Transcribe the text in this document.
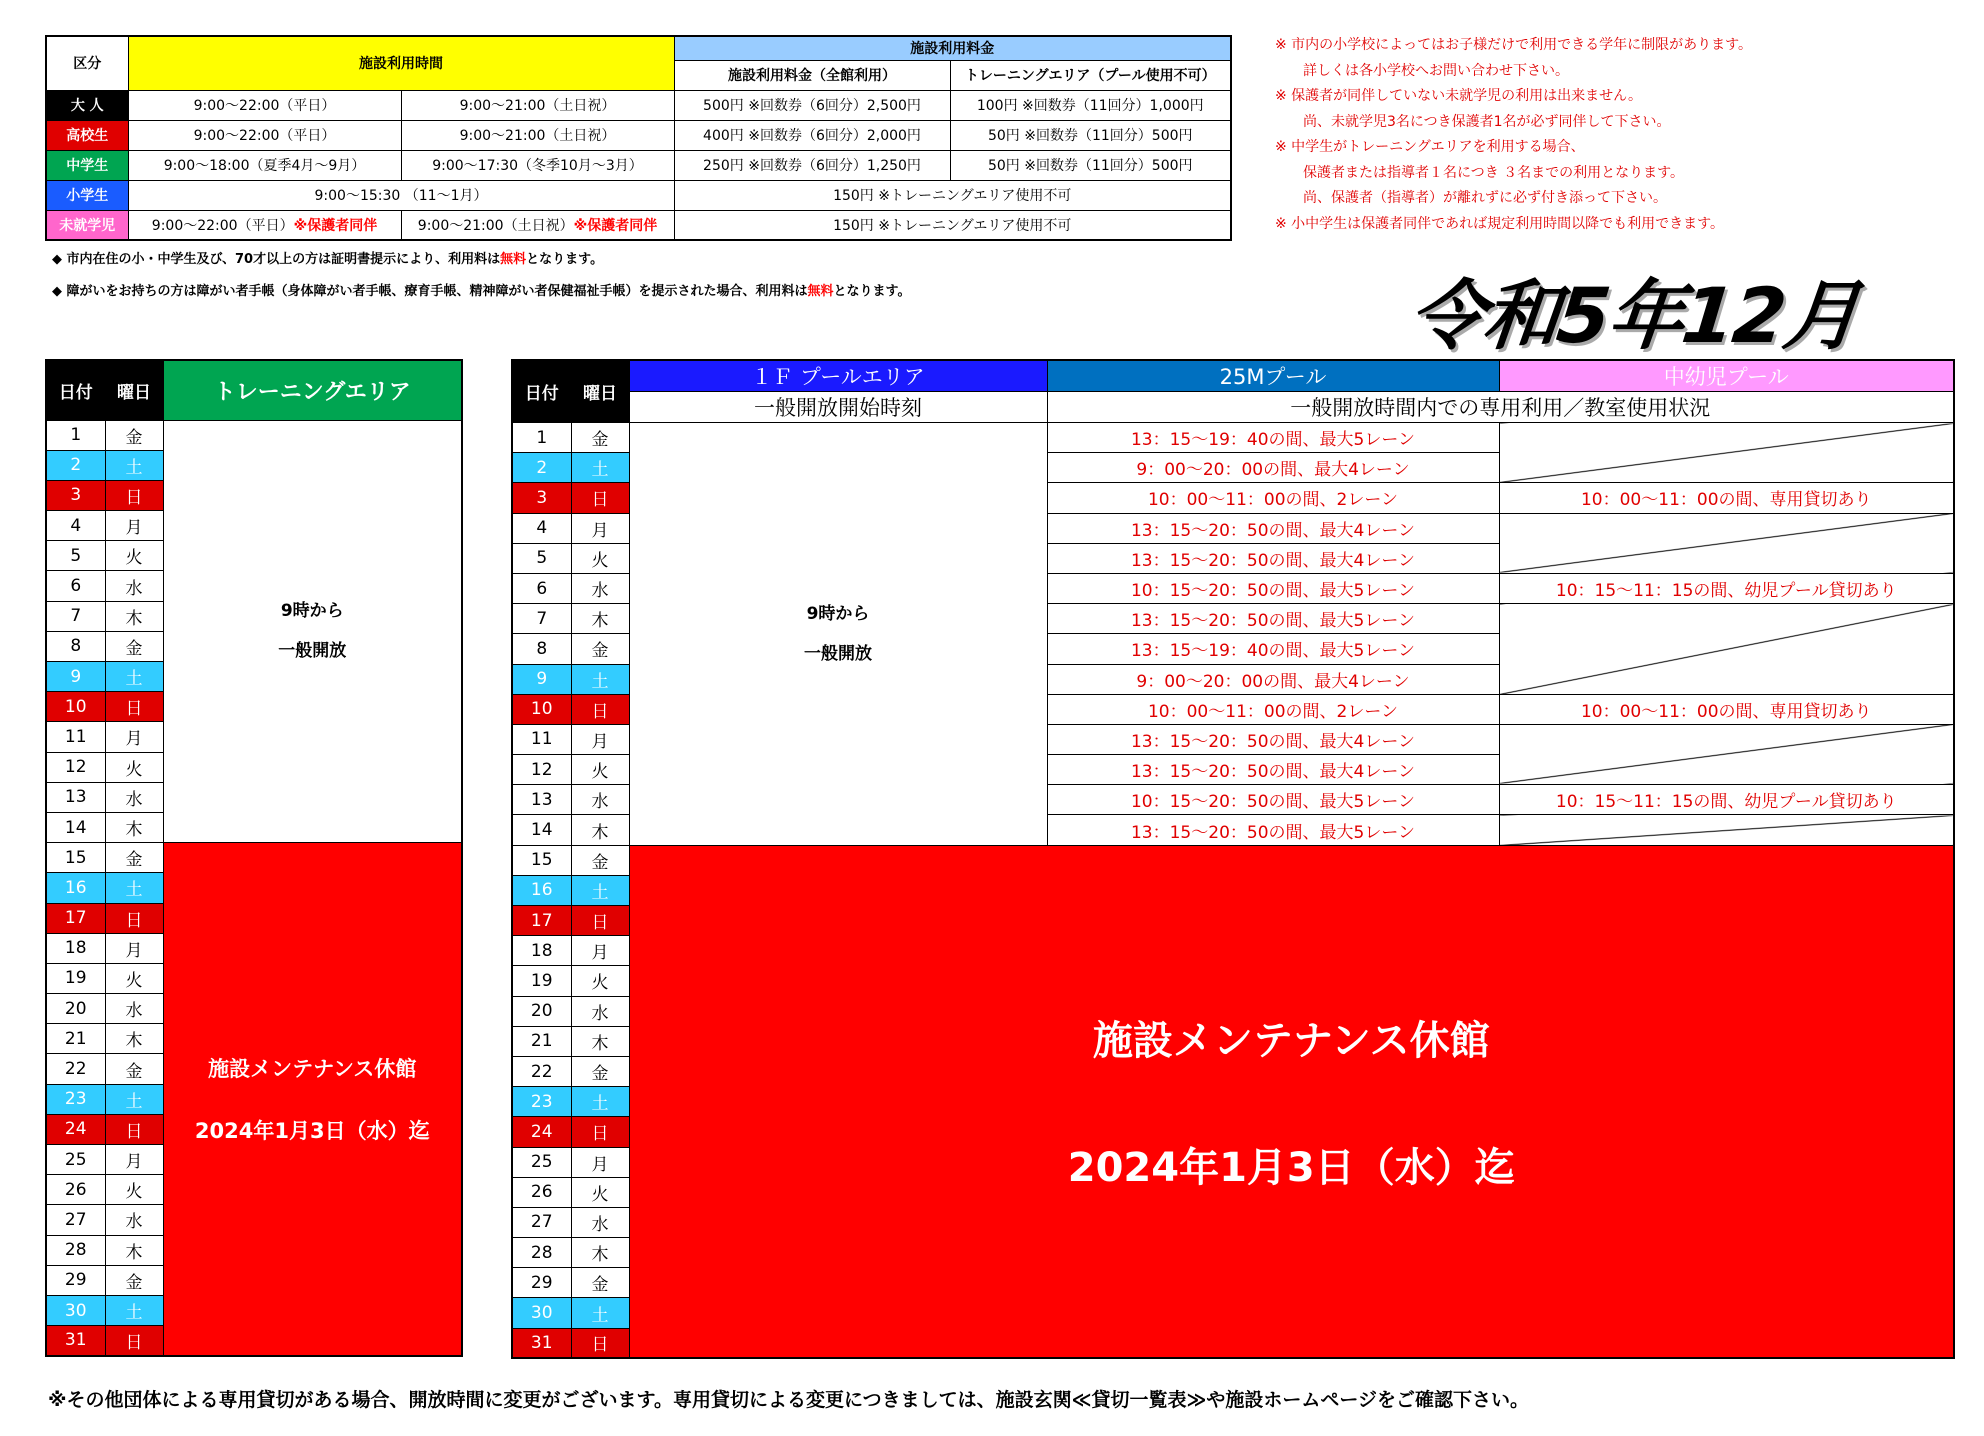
区分	施設利用時間		施設利用料金	
			施設利用料金（全館利用）	トレーニングエリア（プール使用不可）
大 人	9:00～22:00（平日）	9:00～21:00（土日祝）	500円 ※回数券（6回分）2,500円	100円 ※回数券（11回分）1,000円
高校生	9:00～22:00（平日）	9:00～21:00（土日祝）	400円 ※回数券（6回分）2,000円	50円 ※回数券（11回分）500円
中学生	9:00～18:00（夏季4月～9月）	9:00～17:30（冬季10月～3月）	250円 ※回数券（6回分）1,250円	50円 ※回数券（11回分）500円
小学生	9:00～15:30 （11～1月）		150円 ※トレーニングエリア使用不可	
未就学児	9:00～22:00（平日）※保護者同伴	9:00～21:00（土日祝）※保護者同伴	150円 ※トレーニングエリア使用不可	
◆ 市内在住の小・中学生及び、70才以上の方は証明書提示により、利用料は無料となります。
◆ 障がいをお持ちの方は障がい者手帳（身体障がい者手帳、療育手帳、精神障がい者保健福祉手帳）を提示された場合、利用料は無料となります。
※ 市内の小学校によってはお子様だけで利用できる学年に制限があります。
　　詳しくは各小学校へお問い合わせ下さい。
※ 保護者が同伴していない未就学児の利用は出来ません。
　　尚、未就学児3名につき保護者1名が必ず同伴して下さい。
※ 中学生がトレーニングエリアを利用する場合、
　　保護者または指導者１名につき ３名までの利用となります。
　　尚、保護者（指導者）が離れずに必ず付き添って下さい。
※ 小中学生は保護者同伴であれば規定利用時間以降でも利用できます。
令和5年12月
日付	曜日	トレーニングエリア
1	金	9時から
一般開放

2	土	
3	日	
4	月	
5	火	
6	水	
7	木	
8	金	
9	土	
10	日	
11	月	
12	火	
13	水	
14	木	
15	金	施設メンテナンス休館
2024年1月3日（水）迄

16	土	
17	日	
18	月	
19	火	
20	水	
21	木	
22	金	
23	土	
24	日	
25	月	
26	火	
27	水	
28	木	
29	金	
30	土	
31	日	
日付	曜日	１Ｆ プールエリア	25Mプール	中幼児プール
		一般開放開始時刻	一般開放時間内での専用利用／教室使用状況	
1	金	9時から
一般開放	13：15～19：40の間、最大5レーン	
2	土		9：00～20：00の間、最大4レーン	
3	日		10：00～11：00の間、2レーン	10：00～11：00の間、専用貸切あり
4	月		13：15～20：50の間、最大4レーン	
5	火		13：15～20：50の間、最大4レーン	
6	水		10：15～20：50の間、最大5レーン	10：15～11：15の間、幼児プール貸切あり
7	木		13：15～20：50の間、最大5レーン	
8	金		13：15～19：40の間、最大5レーン	
9	土		9：00～20：00の間、最大4レーン	
10	日		10：00～11：00の間、2レーン	10：00～11：00の間、専用貸切あり
11	月		13：15～20：50の間、最大4レーン	
12	火		13：15～20：50の間、最大4レーン	
13	水		10：15～20：50の間、最大5レーン	10：15～11：15の間、幼児プール貸切あり
14	木		13：15～20：50の間、最大5レーン	
15	金	施設メンテナンス休館
2024年1月3日（水）迄		

16	土			
17	日			
18	月			
19	火			
20	水			
21	木			
22	金			
23	土			
24	日			
25	月			
26	火			
27	水			
28	木			
29	金			
30	土			
31	日			
※その他団体による専用貸切がある場合、開放時間に変更がございます。専用貸切による変更につきましては、施設玄関≪貸切一覧表≫や施設ホームページをご確認下さい。
